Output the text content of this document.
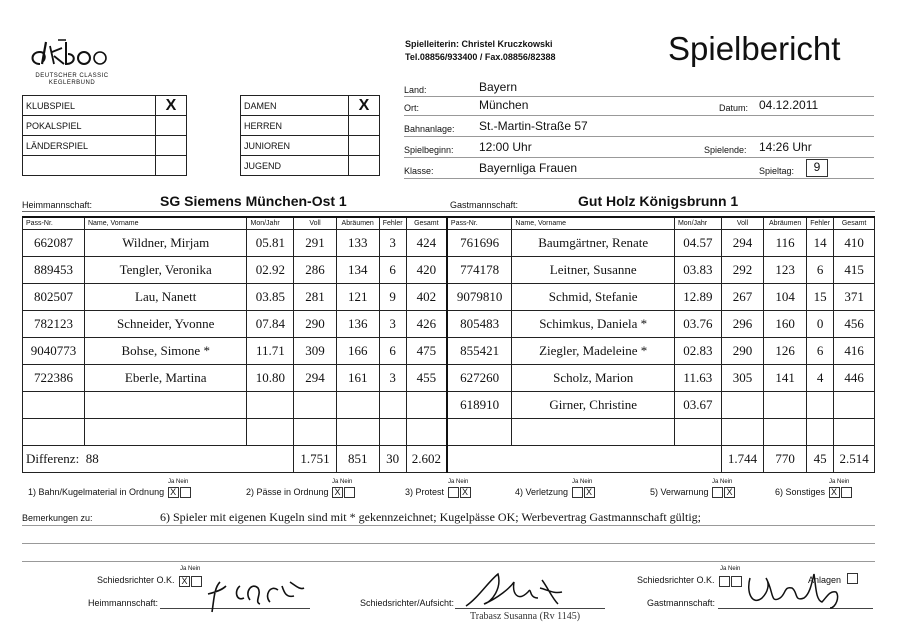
DEUTSCHER CLASSIC
KEGLERBUND
Spielleiterin: Christel Kruczkowski
Tel.08856/933400 / Fax.08856/82388	Spielbericht
KLUBSPIEL	X
POKALSPIEL	
LÄNDERSPIEL	

DAMEN	X
HERREN	
JUNIOREN	
JUGEND	
Land:	Bayern
Ort:	München	Datum: 04.12.2011
Bahnanlage: St.-Martin-Straße 57
Spielbeginn: 12:00 Uhr	Spielende: 14:26 Uhr
Klasse:	Bayernliga Frauen	Spieltag:	9
Heimmannschaft:	SG Siemens München-Ost 1	Gastmannschaft:	Gut Holz Königsbrunn 1
Pass-Nr.	Name, Vorname	Mon/Jahr	Voll	Abräumen	Fehler	Gesamt	Pass-Nr.	Name, Vorname	Mon/Jahr	Voll	Abräumen	Fehler	Gesamt
662087	Wildner, Mirjam	05.81	291	133	3	424	761696	Baumgärtner, Renate	04.57	294	116	14	410
889453	Tengler, Veronika	02.92	286	134	6	420	774178	Leitner, Susanne	03.83	292	123	6	415
802507	Lau, Nanett	03.85	281	121	9	402	9079810	Schmid, Stefanie	12.89	267	104	15	371
782123	Schneider, Yvonne	07.84	290	136	3	426	805483	Schimkus, Daniela *	03.76	296	160	0	456
9040773	Bohse, Simone *	11.71	309	166	6	475	855421	Ziegler, Madeleine *	02.83	290	126	6	416
722386	Eberle, Martina	10.80	294	161	3	455	627260	Scholz, Marion	11.63	305	141	4	446
							618910	Girner, Christine	03.67				

Differenz: 88			1.751	851	30	2.602				1.744	770	45	2.514
1) Bahn/Kugelmaterial in Ordnung X
Ja Nein
2) Pässe in Ordnung X
Ja Nein
3) Protest X
Ja Nein
4) Verletzung X
Ja Nein
5) Verwarnung X
Ja Nein
6) Sonstiges X
Ja Nein
Bemerkungen zu:	6) Spieler mit eigenen Kugeln sind mit * gekennzeichnet; Kugelpässe OK; Werbevertrag Gastmannschaft gültig;
Schiedsrichter O.K.
Ja Nein
X	Schiedsrichter O.K.
Ja Nein
Anlagen
Heimmannschaft:	Schiedsrichter/Aufsicht:	Gastmannschaft:
Trabasz Susanna (Rv 1145)
